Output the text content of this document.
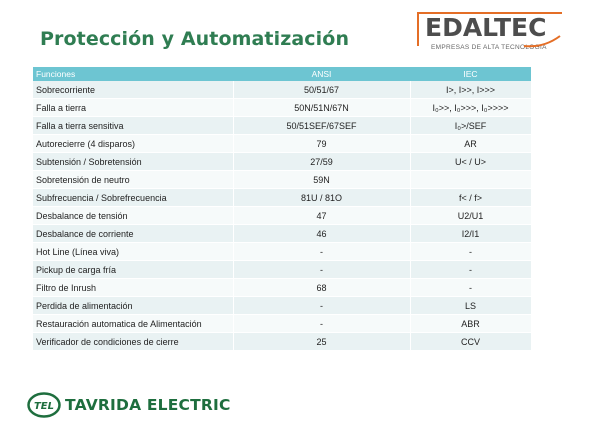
Protección y Automatización	EDALTEC
EMPRESAS DE ALTA TECNOLOGIA
Funciones	ANSI	IEC
Sobrecorriente	50/51/67	I>, I>>, I>>>
Falla a tierra	50N/51N/67N	I₀>>, I₀>>>, I₀>>>>
Falla a tierra sensitiva	50/51SEF/67SEF	I₀>/SEF
Autorecierre (4 disparos)	79	AR
Subtensión / Sobretensión	27/59	U< / U>
Sobretensión de neutro	59N	
Subfrecuencia / Sobrefrecuencia	81U / 81O	f< / f>
Desbalance de tensión	47	U2/U1
Desbalance de corriente	46	I2/I1
Hot Line (Línea viva)	-	-
Pickup de carga fría	-	-
Filtro de Inrush	68	-
Perdida de alimentación	-	LS
Restauración automatica de Alimentación	-	ABR
Verificador de condiciones de cierre	25	CCV
TEL TAVRIDA ELECTRIC
